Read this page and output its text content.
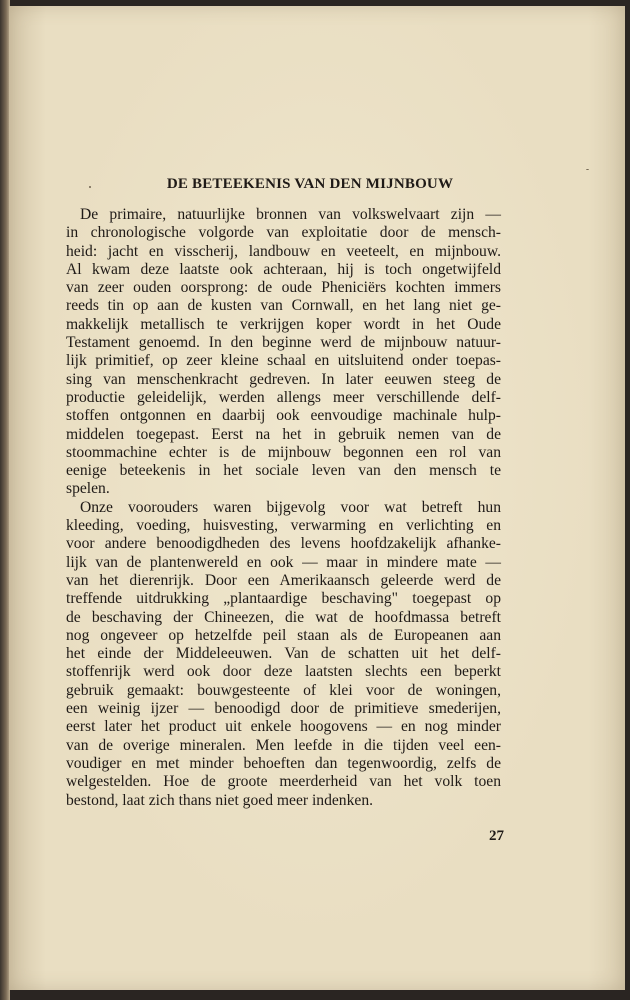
DE BETEEKENIS VAN DEN MIJNBOUW
De primaire, natuurlijke bronnen van volkswelvaart zijn —
in chronologische volgorde van exploitatie door de mensch-
heid: jacht en visscherij, landbouw en veeteelt, en mijnbouw.
Al kwam deze laatste ook achteraan, hij is toch ongetwijfeld
van zeer ouden oorsprong: de oude Pheniciërs kochten immers
reeds tin op aan de kusten van Cornwall, en het lang niet ge-
makkelijk metallisch te verkrijgen koper wordt in het Oude
Testament genoemd. In den beginne werd de mijnbouw natuur-
lijk primitief, op zeer kleine schaal en uitsluitend onder toepas-
sing van menschenkracht gedreven. In later eeuwen steeg de
productie geleidelijk, werden allengs meer verschillende delf-
stoffen ontgonnen en daarbij ook eenvoudige machinale hulp-
middelen toegepast. Eerst na het in gebruik nemen van de
stoommachine echter is de mijnbouw begonnen een rol van
eenige beteekenis in het sociale leven van den mensch te
spelen.
Onze voorouders waren bijgevolg voor wat betreft hun
kleeding, voeding, huisvesting, verwarming en verlichting en
voor andere benoodigdheden des levens hoofdzakelijk afhanke-
lijk van de plantenwereld en ook — maar in mindere mate —
van het dierenrijk. Door een Amerikaansch geleerde werd de
treffende uitdrukking „plantaardige beschaving" toegepast op
de beschaving der Chineezen, die wat de hoofdmassa betreft
nog ongeveer op hetzelfde peil staan als de Europeanen aan
het einde der Middeleeuwen. Van de schatten uit het delf-
stoffenrijk werd ook door deze laatsten slechts een beperkt
gebruik gemaakt: bouwgesteente of klei voor de woningen,
een weinig ijzer — benoodigd door de primitieve smederijen,
eerst later het product uit enkele hoogovens — en nog minder
van de overige mineralen. Men leefde in die tijden veel een-
voudiger en met minder behoeften dan tegenwoordig, zelfs de
welgestelden. Hoe de groote meerderheid van het volk toen
bestond, laat zich thans niet goed meer indenken.
27
